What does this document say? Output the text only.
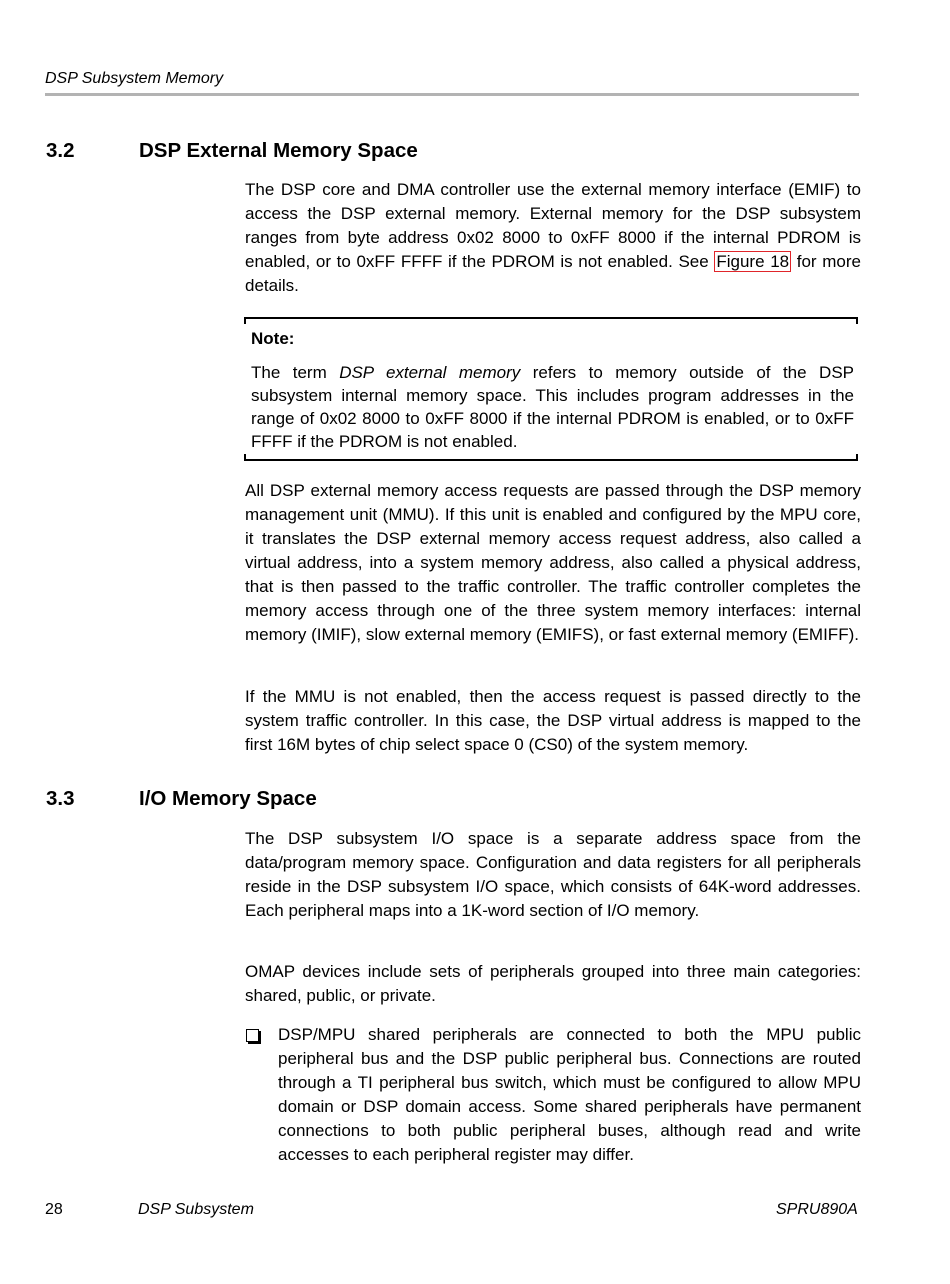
DSP Subsystem Memory
3.2	DSP External Memory Space
The DSP core and DMA controller use the external memory interface (EMIF) to access the DSP external memory. External memory for the DSP subsystem ranges from byte address 0x02 8000 to 0xFF 8000 if the internal PDROM is enabled, or to 0xFF FFFF if the PDROM is not enabled. See Figure 18 for more details.
Note:
The term DSP external memory refers to memory outside of the DSP subsystem internal memory space. This includes program addresses in the range of 0x02 8000 to 0xFF 8000 if the internal PDROM is enabled, or to 0xFF FFFF if the PDROM is not enabled.
All DSP external memory access requests are passed through the DSP memory management unit (MMU). If this unit is enabled and configured by the MPU core, it translates the DSP external memory access request address, also called a virtual address, into a system memory address, also called a physical address, that is then passed to the traffic controller. The traffic controller completes the memory access through one of the three system memory interfaces: internal memory (IMIF), slow external memory (EMIFS), or fast external memory (EMIFF).
If the MMU is not enabled, then the access request is passed directly to the system traffic controller. In this case, the DSP virtual address is mapped to the first 16M bytes of chip select space 0 (CS0) of the system memory.
3.3	I/O Memory Space
The DSP subsystem I/O space is a separate address space from the data/program memory space. Configuration and data registers for all peripherals reside in the DSP subsystem I/O space, which consists of 64K-word addresses. Each peripheral maps into a 1K-word section of I/O memory.
OMAP devices include sets of peripherals grouped into three main categories: shared, public, or private.
DSP/MPU shared peripherals are connected to both the MPU public peripheral bus and the DSP public peripheral bus. Connections are routed through a TI peripheral bus switch, which must be configured to allow MPU domain or DSP domain access. Some shared peripherals have permanent connections to both public peripheral buses, although read and write accesses to each peripheral register may differ.
28	DSP Subsystem	SPRU890A
